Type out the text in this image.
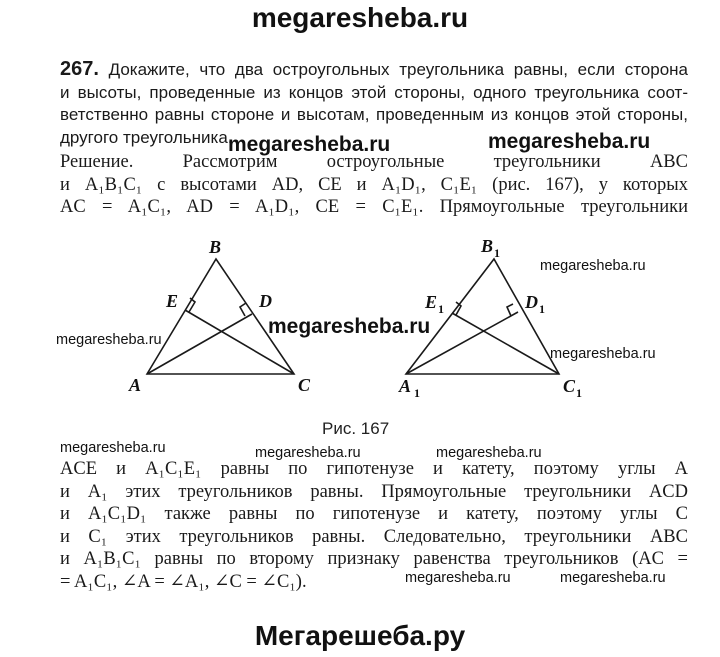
megaresheba.ru
267. Докажите, что два остроугольных треугольника равны, если сторона
и высоты, проведенные из концов этой стороны, одного треугольника соот-
ветственно равны стороне и высотам, проведенным из концов этой стороны,
другого треугольника.
megaresheba.ru	megaresheba.ru
Решение. Рассмотрим остроугольные треугольники ABC
и A₁B₁C₁ с высотами AD, CE и A₁D₁, C₁E₁ (рис. 167), у которых
AC = A₁C₁, AD = A₁D₁, CE = C₁E₁. Прямоугольные треугольники
B
E	D
A	C
$B_1$
$E_1$	$D_1$
A $_1$	$C_1$
megaresheba.ru
megaresheba.ru
megaresheba.ru
megaresheba.ru
Рис. 167
megaresheba.ru	megaresheba.ru	megaresheba.ru
ACE и A₁C₁E₁ равны по гипотенузе и катету, поэтому углы A
и A₁ этих треугольников равны. Прямоугольные треугольники ACD
и A₁C₁D₁ также равны по гипотенузе и катету, поэтому углы C
и C₁ этих треугольников равны. Следовательно, треугольники ABC
и A₁B₁C₁ равны по второму признаку равенства треугольников (AC =
= A₁C₁, ∠A = ∠A₁, ∠C = ∠C₁).	megaresheba.ru	megaresheba.ru
Мегарешеба.ру
